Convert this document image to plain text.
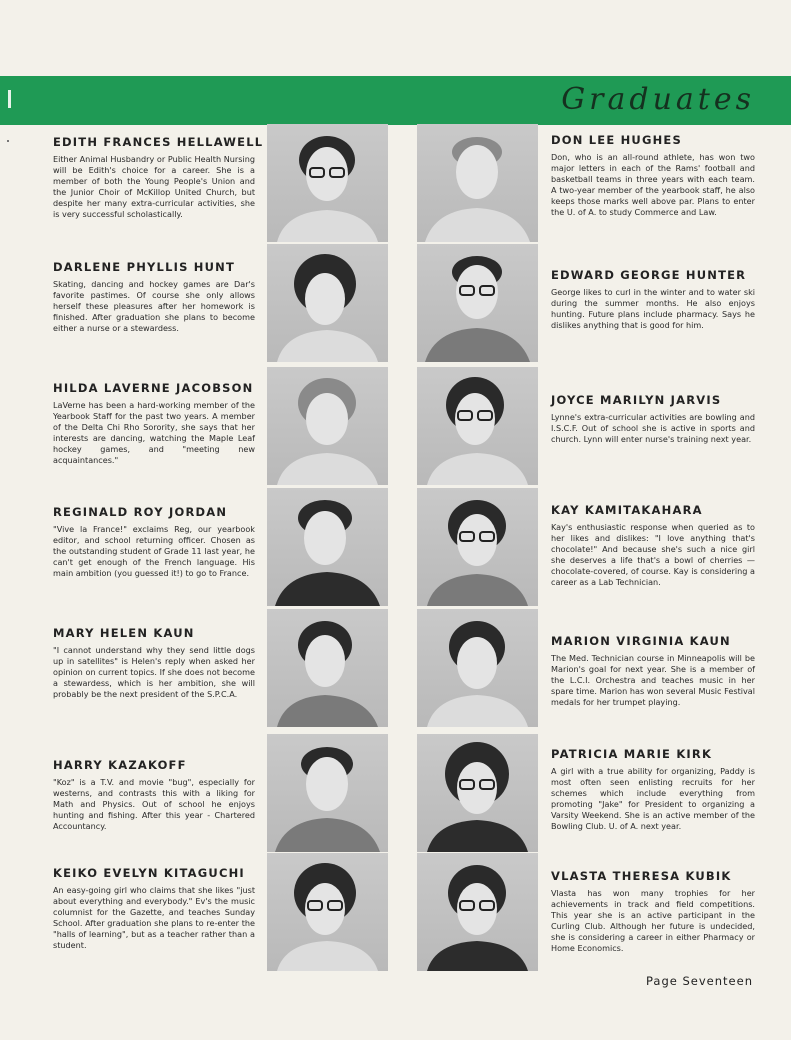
Graduates
EDITH FRANCES HELLAWELL
Either Animal Husbandry or Public Health Nursing will be Edith's choice for a career. She is a member of both the Young People's Union and the Junior Choir of McKillop United Church, but despite her many extra-curricular activities, she is very successful scholastically.
DARLENE PHYLLIS HUNT
Skating, dancing and hockey games are Dar's favorite pastimes. Of course she only allows herself these pleasures after her homework is finished. After graduation she plans to become either a nurse or a stewardess.
HILDA LAVERNE JACOBSON
LaVerne has been a hard-working member of the Yearbook Staff for the past two years. A member of the Delta Chi Rho Sorority, she says that her interests are dancing, watching the Maple Leaf hockey games, and "meeting new acquaintances."
REGINALD ROY JORDAN
"Vive la France!" exclaims Reg, our yearbook editor, and school returning officer. Chosen as the outstanding student of Grade 11 last year, he can't get enough of the French language. His main ambition (you guessed it!) to go to France.
MARY HELEN KAUN
"I cannot understand why they send little dogs up in satellites" is Helen's reply when asked her opinion on current topics. If she does not become a stewardess, which is her ambition, she will probably be the next president of the S.P.C.A.
HARRY KAZAKOFF
"Koz" is a T.V. and movie "bug", especially for westerns, and contrasts this with a liking for Math and Physics. Out of school he enjoys hunting and fishing. After this year - Chartered Accountancy.
KEIKO EVELYN KITAGUCHI
An easy-going girl who claims that she likes "just about everything and everybody." Ev's the music columnist for the Gazette, and teaches Sunday School. After graduation she plans to re-enter the "halls of learning", but as a teacher rather than a student.
DON LEE HUGHES
Don, who is an all-round athlete, has won two major letters in each of the Rams' football and basketball teams in three years with each team. A two-year member of the yearbook staff, he also keeps those marks well above par. Plans to enter the U. of A. to study Commerce and Law.
EDWARD GEORGE HUNTER
George likes to curl in the winter and to water ski during the summer months. He also enjoys hunting. Future plans include pharmacy. Says he dislikes anything that is good for him.
JOYCE MARILYN JARVIS
Lynne's extra-curricular activities are bowling and I.S.C.F. Out of school she is active in sports and church. Lynn will enter nurse's training next year.
KAY KAMITAKAHARA
Kay's enthusiastic response when queried as to her likes and dislikes: "I love anything that's chocolate!" And because she's such a nice girl she deserves a life that's a bowl of cherries — chocolate-covered, of course. Kay is considering a career as a Lab Technician.
MARION VIRGINIA KAUN
The Med. Technician course in Minneapolis will be Marion's goal for next year. She is a member of the L.C.I. Orchestra and teaches music in her spare time. Marion has won several Music Festival medals for her trumpet playing.
PATRICIA MARIE KIRK
A girl with a true ability for organizing, Paddy is most often seen enlisting recruits for her schemes which include everything from promoting "Jake" for President to organizing a Varsity Weekend. She is an active member of the Bowling Club. U. of A. next year.
VLASTA THERESA KUBIK
Vlasta has won many trophies for her achievements in track and field competitions. This year she is an active participant in the Curling Club. Although her future is undecided, she is considering a career in either Pharmacy or Home Economics.
Page Seventeen
